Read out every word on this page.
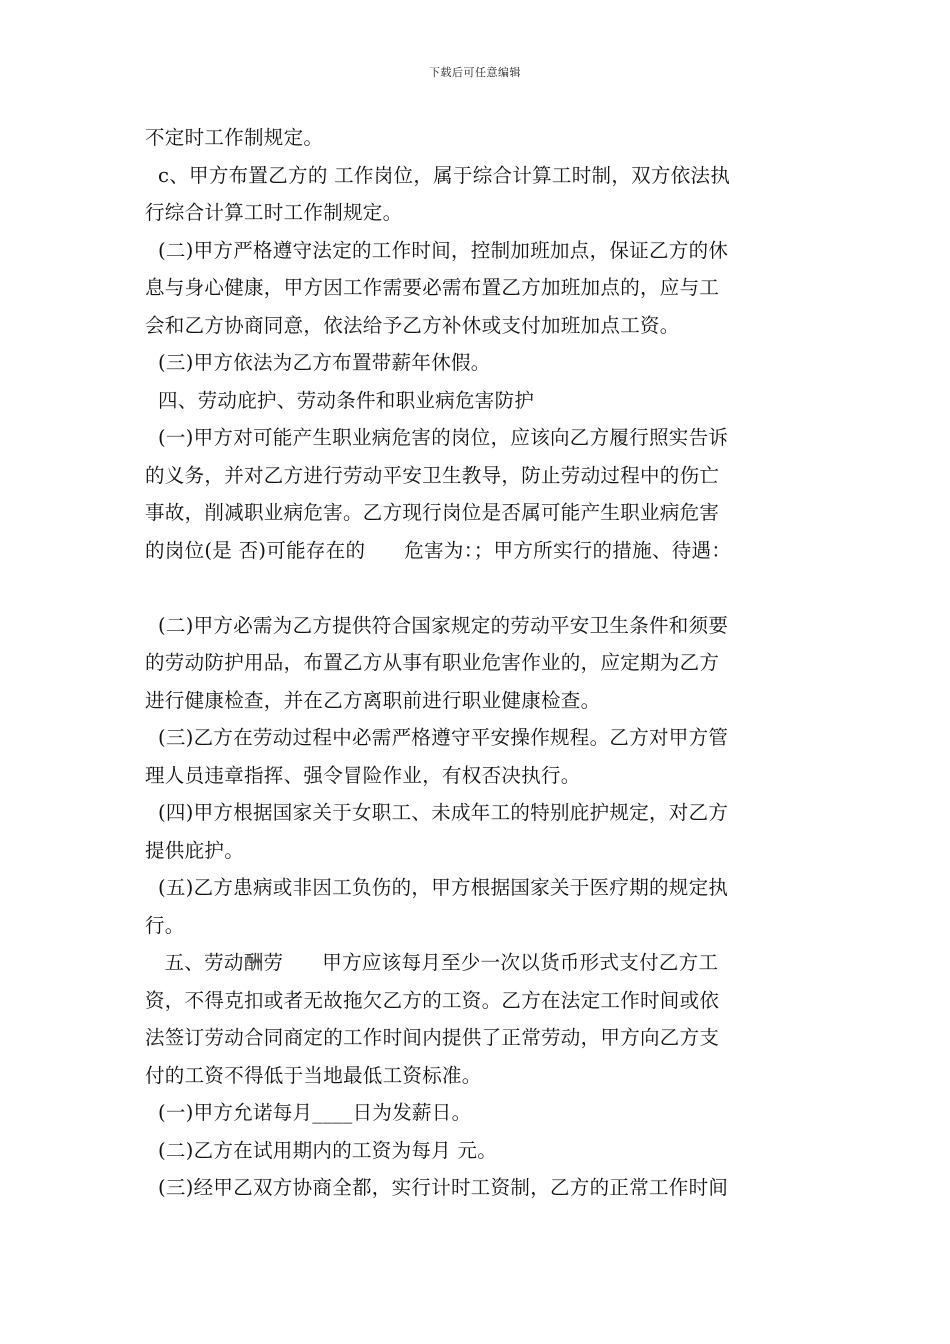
下载后可任意编辑
不定时工作制规定。
c、甲方布置乙方的 工作岗位，属于综合计算工时制，双方依法执
行综合计算工时工作制规定。
(二)甲方严格遵守法定的工作时间，控制加班加点，保证乙方的休
息与身心健康，甲方因工作需要必需布置乙方加班加点的，应与工
会和乙方协商同意，依法给予乙方补休或支付加班加点工资。
(三)甲方依法为乙方布置带薪年休假。
四、劳动庇护、劳动条件和职业病危害防护
(一)甲方对可能产生职业病危害的岗位，应该向乙方履行照实告诉
的义务，并对乙方进行劳动平安卫生教导，防止劳动过程中的伤亡
事故，削减职业病危害。乙方现行岗位是否属可能产生职业病危害
的岗位(是 否)可能存在的      危害为：；甲方所实行的措施、待遇：
(二)甲方必需为乙方提供符合国家规定的劳动平安卫生条件和须要
的劳动防护用品，布置乙方从事有职业危害作业的，应定期为乙方
进行健康检查，并在乙方离职前进行职业健康检查。
(三)乙方在劳动过程中必需严格遵守平安操作规程。乙方对甲方管
理人员违章指挥、强令冒险作业，有权否决执行。
(四)甲方根据国家关于女职工、未成年工的特别庇护规定，对乙方
提供庇护。
(五)乙方患病或非因工负伤的，甲方根据国家关于医疗期的规定执
行。
五、劳动酬劳      甲方应该每月至少一次以货币形式支付乙方工
资，不得克扣或者无故拖欠乙方的工资。乙方在法定工作时间或依
法签订劳动合同商定的工作时间内提供了正常劳动，甲方向乙方支
付的工资不得低于当地最低工资标准。
(一)甲方允诺每月____日为发薪日。
(二)乙方在试用期内的工资为每月 元。
(三)经甲乙双方协商全都，实行计时工资制，乙方的正常工作时间
